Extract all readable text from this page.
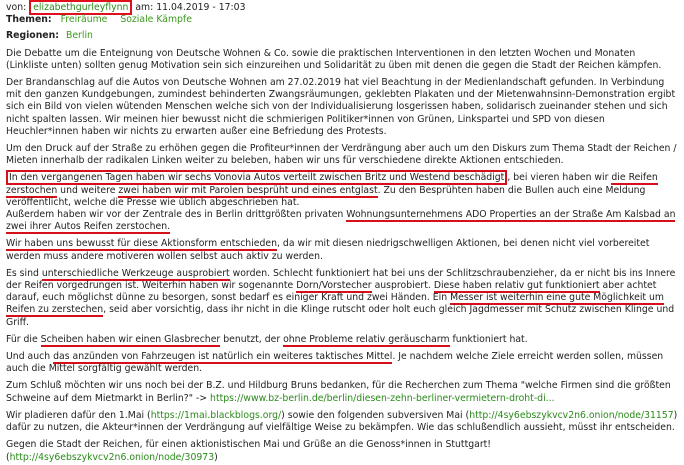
von: elizabethgurleyflynn am: 11.04.2019 - 17:03

Themen: Freiräume Soziale Kämpfe

Regionen: Berlin

Die Debatte um die Enteignung von Deutsche Wohnen & Co. sowie die praktischen Interventionen in den letzten Wochen und Monaten (Linkliste unten) sollten genug Motivation sein sich einzureihen und Solidarität zu üben mit denen die gegen die Stadt der Reichen kämpfen.

Der Brandanschlag auf die Autos von Deutsche Wohnen am 27.02.2019 hat viel Beachtung in der Medienlandschaft gefunden. In Verbindung mit den ganzen Kundgebungen, zumindest behinderten Zwangsräumungen, geklebten Plakaten und der Mietenwahnsinn-Demonstration ergibt sich ein Bild von vielen wütenden Menschen welche sich von der Individualisierung losgerissen haben, solidarisch zueinander stehen und sich nicht spalten lassen. Wir meinen hier bewusst nicht die schmierigen Politiker*innen von Grünen, Linkspartei und SPD von diesen Heuchler*innen haben wir nichts zu erwarten außer eine Befriedung des Protests.

Um den Druck auf der Straße zu erhöhen gegen die Profiteur*innen der Verdrängung aber auch um den Diskurs zum Thema Stadt der Reichen / Mieten innerhalb der radikalen Linken weiter zu beleben, haben wir uns für verschiedene direkte Aktionen entschieden.

In den vergangenen Tagen haben wir sechs Vonovia Autos verteilt zwischen Britz und Westend beschädigt , bei vieren haben wir die Reifen zerstochen und weitere zwei haben wir mit Parolen besprüht und eines entglast. Zu den Besprühten haben die Bullen auch eine Meldung veröffentlicht, welche die Presse wie üblich abgeschrieben hat.

Außerdem haben wir vor der Zentrale des in Berlin drittgrößten privaten Wohnungsunternehmens ADO Properties an der Straße Am Kalsbad an zwei ihrer Autos Reifen zerstochen.

Wir haben uns bewusst für diese Aktionsform entschieden, da wir mit diesen niedrigschwelligen Aktionen, bei denen nicht viel vorbereitet werden muss andere motiveren wollen selbst auch aktiv zu werden.

Es sind unterschiedliche Werkzeuge ausprobiert worden. Schlecht funktioniert hat bei uns der Schlitzschraubenzieher, da er nicht bis ins Innere der Reifen vorgedrungen ist. Weiterhin haben wir sogenannte Dorn/Vorstecher ausprobiert. Diese haben relativ gut funktioniert aber achtet darauf, euch möglichst dünne zu besorgen, sonst bedarf es einiger Kraft und zwei Händen. Ein Messer ist weiterhin eine gute Möglichkeit um Reifen zu zerstechen, seid aber vorsichtig, dass ihr nicht in die Klinge rutscht oder holt euch gleich Jagdmesser mit Schutz zwischen Klinge und Griff.

Für die Scheiben haben wir einen Glasbrecher benutzt, der ohne Probleme relativ geräuscharm funktioniert hat.

Und auch das anzünden von Fahrzeugen ist natürlich ein weiteres taktisches Mittel. Je nachdem welche Ziele erreicht werden sollen, müssen auch die Mittel sorgfältig gewählt werden.

Zum Schluß möchten wir uns noch bei der B.Z. und Hildburg Bruns bedanken, für die Recherchen zum Thema "welche Firmen sind die größten Schweine auf dem Mietmarkt in Berlin?" -> https://www.bz-berlin.de/berlin/diesen-zehn-berliner-vermietern-droht-di...

Wir pladieren dafür den 1.Mai (https://1mai.blackblogs.org/) sowie den folgenden subversiven Mai (http://4sy6ebszykvcv2n6.onion/node/31157) dafür zu nutzen, die Akteur*innen der Verdrängung auf vielfältige Weise zu bekämpfen. Wie das schlußendlich aussieht, müsst ihr entscheiden.

Gegen die Stadt der Reichen, für einen aktionistischen Mai und Grüße an die Genoss*innen in Stuttgart! (http://4sy6ebszykvcv2n6.onion/node/30973)
